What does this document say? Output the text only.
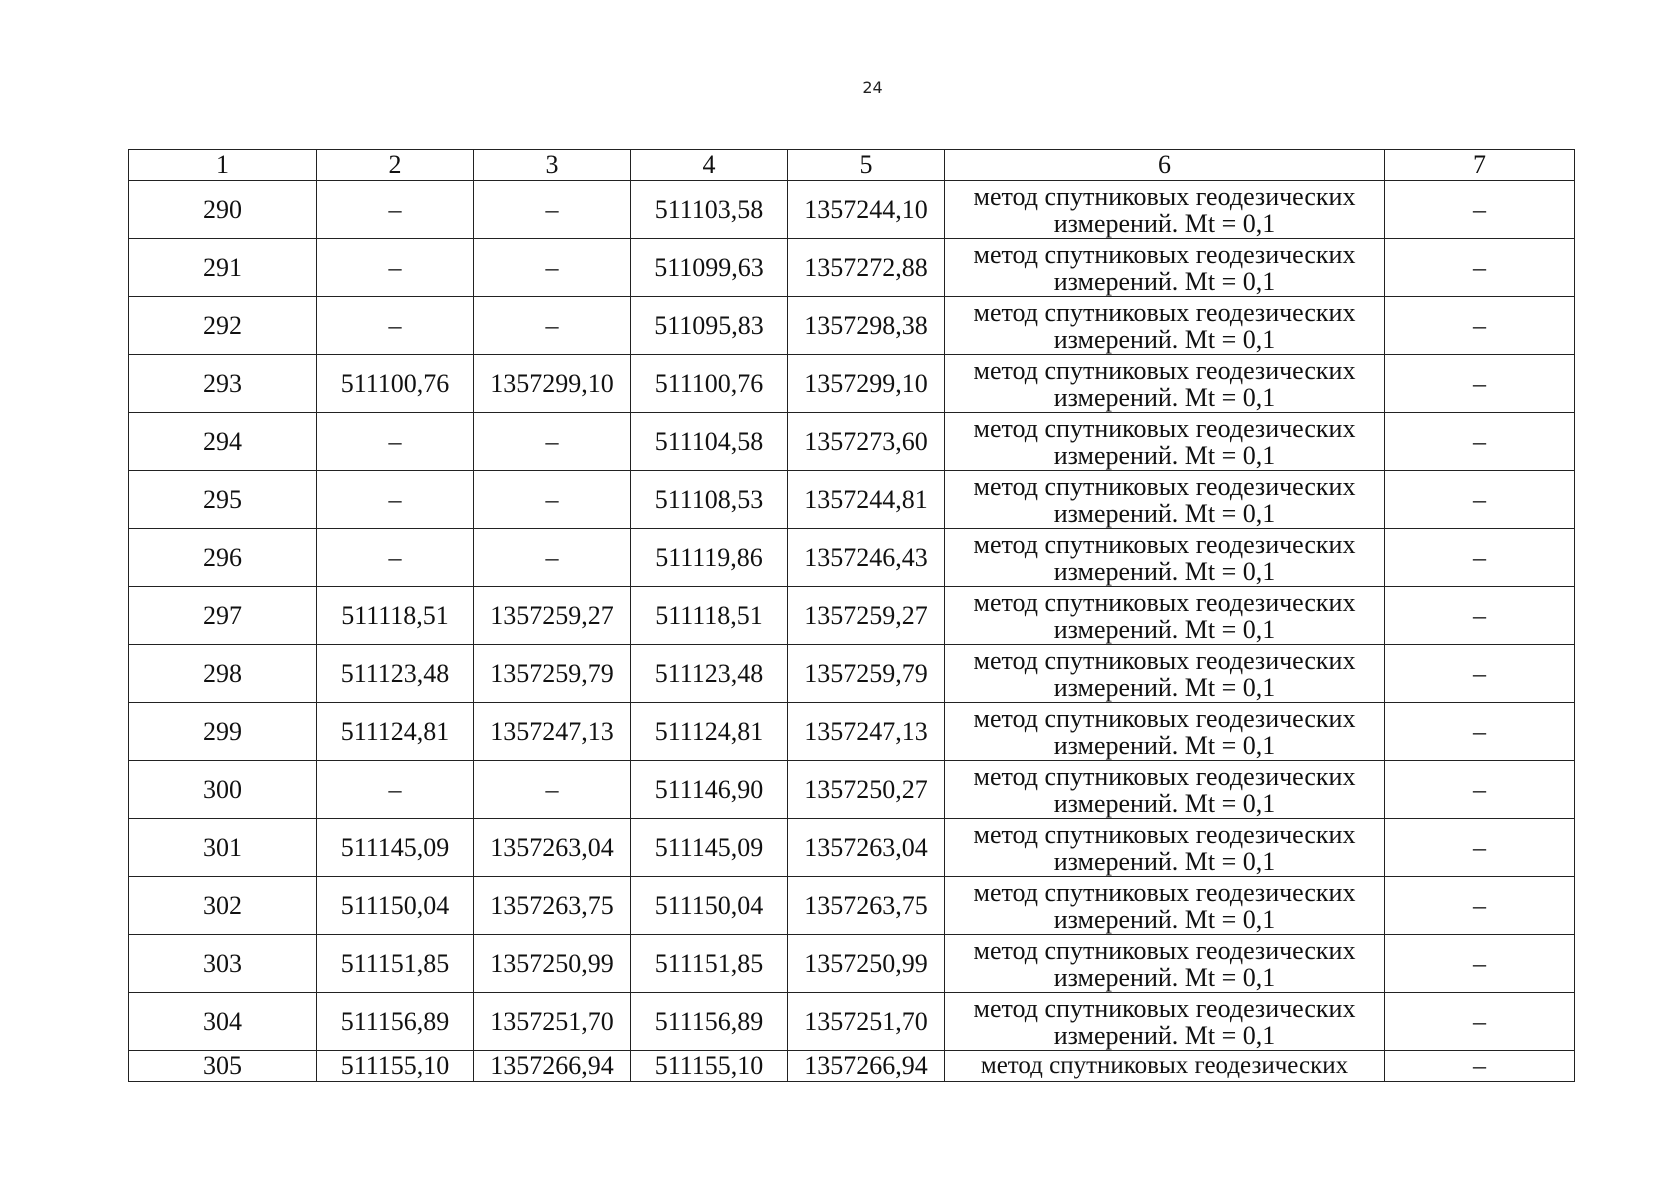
24
1	2	3	4	5	6	7
290	–	–	511103,58	1357244,10	метод спутниковых геодезических
измерений. Mt = 0,1	–
291	–	–	511099,63	1357272,88	метод спутниковых геодезических
измерений. Mt = 0,1	–
292	–	–	511095,83	1357298,38	метод спутниковых геодезических
измерений. Mt = 0,1	–
293	511100,76	1357299,10	511100,76	1357299,10	метод спутниковых геодезических
измерений. Mt = 0,1	–
294	–	–	511104,58	1357273,60	метод спутниковых геодезических
измерений. Mt = 0,1	–
295	–	–	511108,53	1357244,81	метод спутниковых геодезических
измерений. Mt = 0,1	–
296	–	–	511119,86	1357246,43	метод спутниковых геодезических
измерений. Mt = 0,1	–
297	511118,51	1357259,27	511118,51	1357259,27	метод спутниковых геодезических
измерений. Mt = 0,1	–
298	511123,48	1357259,79	511123,48	1357259,79	метод спутниковых геодезических
измерений. Mt = 0,1	–
299	511124,81	1357247,13	511124,81	1357247,13	метод спутниковых геодезических
измерений. Mt = 0,1	–
300	–	–	511146,90	1357250,27	метод спутниковых геодезических
измерений. Mt = 0,1	–
301	511145,09	1357263,04	511145,09	1357263,04	метод спутниковых геодезических
измерений. Mt = 0,1	–
302	511150,04	1357263,75	511150,04	1357263,75	метод спутниковых геодезических
измерений. Mt = 0,1	–
303	511151,85	1357250,99	511151,85	1357250,99	метод спутниковых геодезических
измерений. Mt = 0,1	–
304	511156,89	1357251,70	511156,89	1357251,70	метод спутниковых геодезических
измерений. Mt = 0,1	–
305	511155,10	1357266,94	511155,10	1357266,94	метод спутниковых геодезических	–
